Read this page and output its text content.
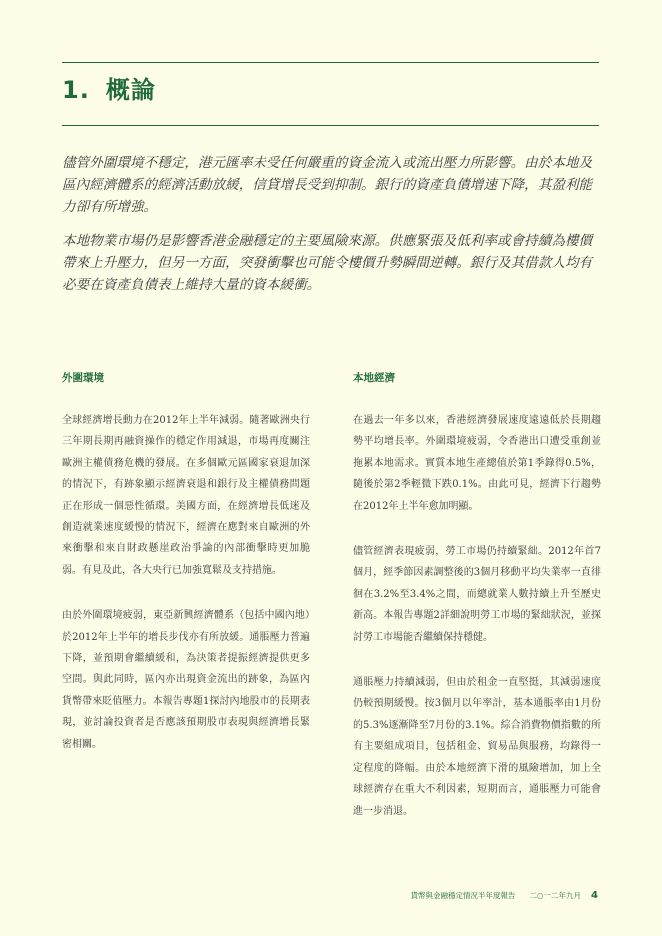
1. 概論

儘管外圍環境不穩定，港元匯率未受任何嚴重的資金流入或流出壓力所影響。由於本地及區內經濟體系的經濟活動放緩，信貸增長受到抑制。銀行的資產負債增速下降，其盈利能力卻有所增強。

本地物業市場仍是影響香港金融穩定的主要風險來源。供應緊張及低利率或會持續為樓價帶來上升壓力，但另一方面，突發衝擊也可能令樓價升勢瞬間逆轉。銀行及其借款人均有必要在資產負債表上維持大量的資本緩衝。

外圍環境

全球經濟增長動力在2012年上半年減弱。隨著歐洲央行三年期長期再融資操作的穩定作用減退，市場再度關注歐洲主權債務危機的發展。在多個歐元區國家衰退加深的情況下，有跡象顯示經濟衰退和銀行及主權債務問題正在形成一個惡性循環。美國方面，在經濟增長低迷及創造就業速度緩慢的情況下，經濟在應對來自歐洲的外來衝擊和來自財政懸崖政治爭論的內部衝擊時更加脆弱。有見及此，各大央行已加強寬鬆及支持措施。

由於外圍環境疲弱，東亞新興經濟體系（包括中國內地）於2012年上半年的增長步伐亦有所放緩。通脹壓力普遍下降，並預期會繼續緩和，為決策者提振經濟提供更多空間。與此同時，區內亦出現資金流出的跡象，為區內貨幣帶來貶值壓力。本報告專題1探討內地股市的長期表現，並討論投資者是否應該預期股市表現與經濟增長緊密相關。

本地經濟

在過去一年多以來，香港經濟發展速度遠遠低於長期趨勢平均增長率。外圍環境疲弱，令香港出口遭受重創並拖累本地需求。實質本地生產總值於第1季錄得0.5%，隨後於第2季輕微下跌0.1%。由此可見，經濟下行趨勢在2012年上半年愈加明顯。

儘管經濟表現疲弱，勞工市場仍持續緊絀。2012年首7個月，經季節因素調整後的3個月移動平均失業率一直徘徊在3.2%至3.4%之間，而總就業人數持續上升至歷史新高。本報告專題2詳細說明勞工市場的緊絀狀況，並探討勞工市場能否繼續保持穩健。

通脹壓力持續減弱，但由於租金一直堅挺，其減弱速度仍較預期緩慢。按3個月以年率計，基本通脹率由1月份的5.3%逐漸降至7月份的3.1%。綜合消費物價指數的所有主要組成項目，包括租金、貿易品與服務，均錄得一定程度的降幅。由於本地經濟下滑的風險增加，加上全球經濟存在重大不利因素，短期而言，通脹壓力可能會進一步消退。

貨幣與金融穩定情況半年度報告 二○一二年九月 4
